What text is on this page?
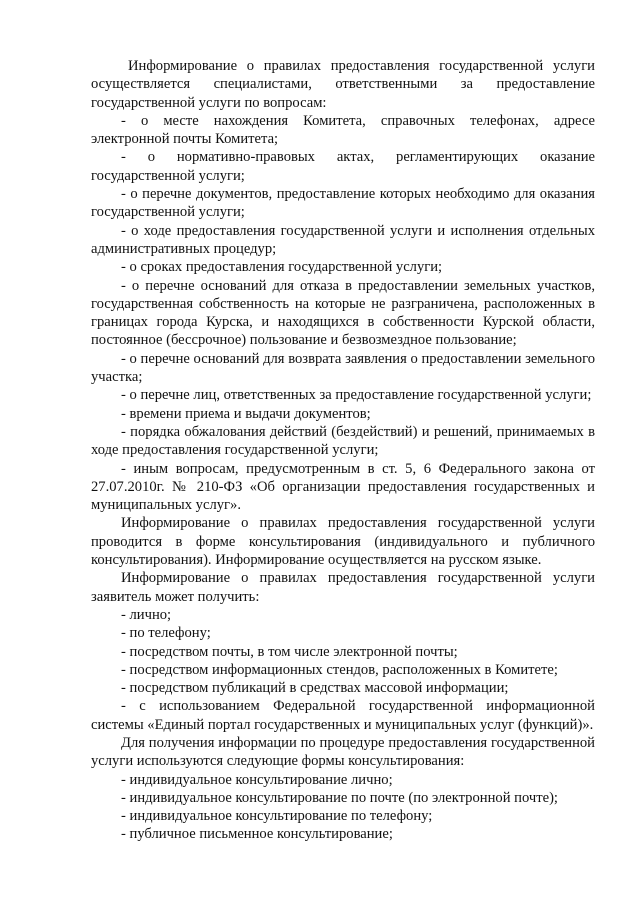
Информирование о правилах предоставления государственной услуги осуществляется специалистами, ответственными за предоставление государственной услуги по вопросам:

- о месте нахождения Комитета, справочных телефонах, адресе электронной почты Комитета;

- о нормативно-правовых актах, регламентирующих оказание государственной услуги;

- о перечне документов, предоставление которых необходимо для оказания государственной услуги;

- о ходе предоставления государственной услуги и исполнения отдельных административных процедур;

- о сроках предоставления государственной услуги;

- о перечне оснований для отказа в предоставлении земельных участков, государственная собственность на которые не разграничена, расположенных в границах города Курска, и находящихся в собственности Курской области, постоянное (бессрочное) пользование и безвозмездное пользование;

- о перечне оснований для возврата заявления о предоставлении земельного участка;

- о перечне лиц, ответственных за предоставление государственной услуги;

- времени приема и выдачи документов;

- порядка обжалования действий (бездействий) и решений, принимаемых в ходе предоставления государственной услуги;

- иным вопросам, предусмотренным в ст. 5, 6 Федерального закона от 27.07.2010г. № 210-ФЗ «Об организации предоставления государственных и муниципальных услуг».

Информирование о правилах предоставления государственной услуги проводится в форме консультирования (индивидуального и публичного консультирования). Информирование осуществляется на русском языке.

Информирование о правилах предоставления государственной услуги заявитель может получить:

- лично;

- по телефону;

- посредством почты, в том числе электронной почты;

- посредством информационных стендов, расположенных в Комитете;

- посредством публикаций в средствах массовой информации;

- с использованием Федеральной государственной информационной системы «Единый портал государственных и муниципальных услуг (функций)».

Для получения информации по процедуре предоставления государственной услуги используются следующие формы консультирования:

- индивидуальное консультирование лично;

- индивидуальное консультирование по почте (по электронной почте);

- индивидуальное консультирование по телефону;

- публичное письменное консультирование;
